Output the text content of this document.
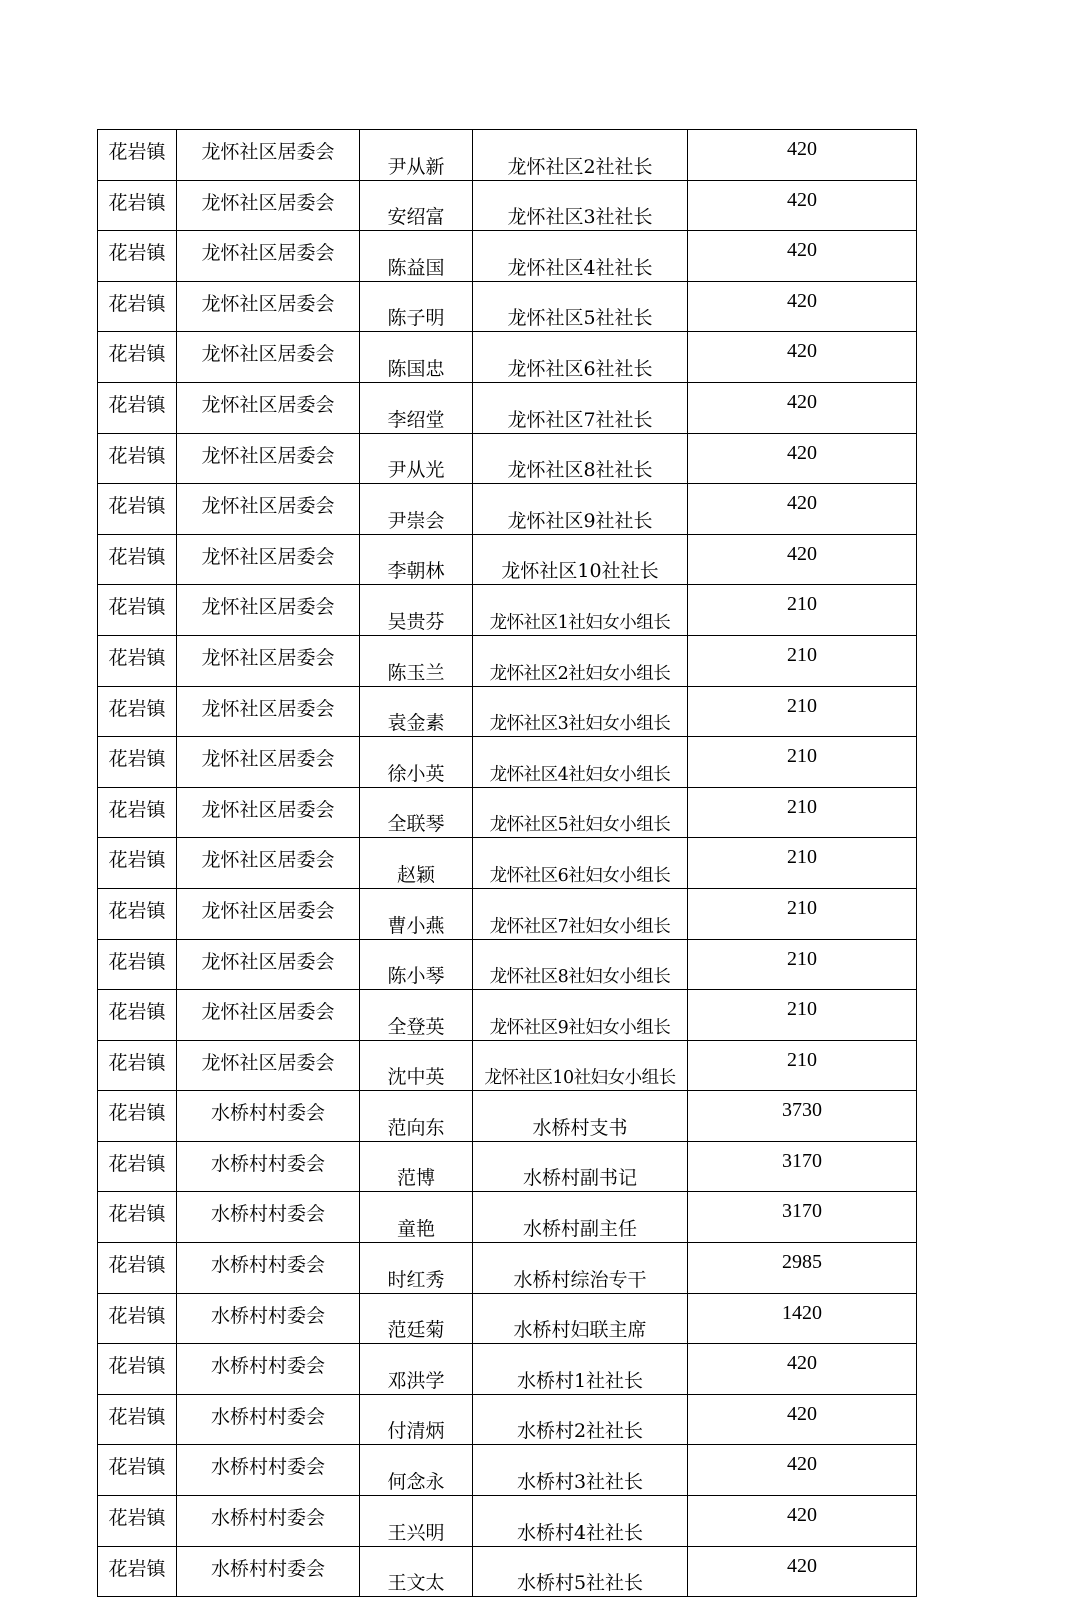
花岩镇	龙怀社区居委会	尹从新	龙怀社区2社社长	420
花岩镇	龙怀社区居委会	安绍富	龙怀社区3社社长	420
花岩镇	龙怀社区居委会	陈益国	龙怀社区4社社长	420
花岩镇	龙怀社区居委会	陈子明	龙怀社区5社社长	420
花岩镇	龙怀社区居委会	陈国忠	龙怀社区6社社长	420
花岩镇	龙怀社区居委会	李绍堂	龙怀社区7社社长	420
花岩镇	龙怀社区居委会	尹从光	龙怀社区8社社长	420
花岩镇	龙怀社区居委会	尹崇会	龙怀社区9社社长	420
花岩镇	龙怀社区居委会	李朝林	龙怀社区10社社长	420
花岩镇	龙怀社区居委会	吴贵芬	龙怀社区1社妇女小组长	210
花岩镇	龙怀社区居委会	陈玉兰	龙怀社区2社妇女小组长	210
花岩镇	龙怀社区居委会	袁金素	龙怀社区3社妇女小组长	210
花岩镇	龙怀社区居委会	徐小英	龙怀社区4社妇女小组长	210
花岩镇	龙怀社区居委会	全联琴	龙怀社区5社妇女小组长	210
花岩镇	龙怀社区居委会	赵颖	龙怀社区6社妇女小组长	210
花岩镇	龙怀社区居委会	曹小燕	龙怀社区7社妇女小组长	210
花岩镇	龙怀社区居委会	陈小琴	龙怀社区8社妇女小组长	210
花岩镇	龙怀社区居委会	全登英	龙怀社区9社妇女小组长	210
花岩镇	龙怀社区居委会	沈中英	龙怀社区10社妇女小组长	210
花岩镇	水桥村村委会	范向东	水桥村支书	3730
花岩镇	水桥村村委会	范博	水桥村副书记	3170
花岩镇	水桥村村委会	童艳	水桥村副主任	3170
花岩镇	水桥村村委会	时红秀	水桥村综治专干	2985
花岩镇	水桥村村委会	范廷菊	水桥村妇联主席	1420
花岩镇	水桥村村委会	邓洪学	水桥村1社社长	420
花岩镇	水桥村村委会	付清炳	水桥村2社社长	420
花岩镇	水桥村村委会	何念永	水桥村3社社长	420
花岩镇	水桥村村委会	王兴明	水桥村4社社长	420
花岩镇	水桥村村委会	王文太	水桥村5社社长	420
